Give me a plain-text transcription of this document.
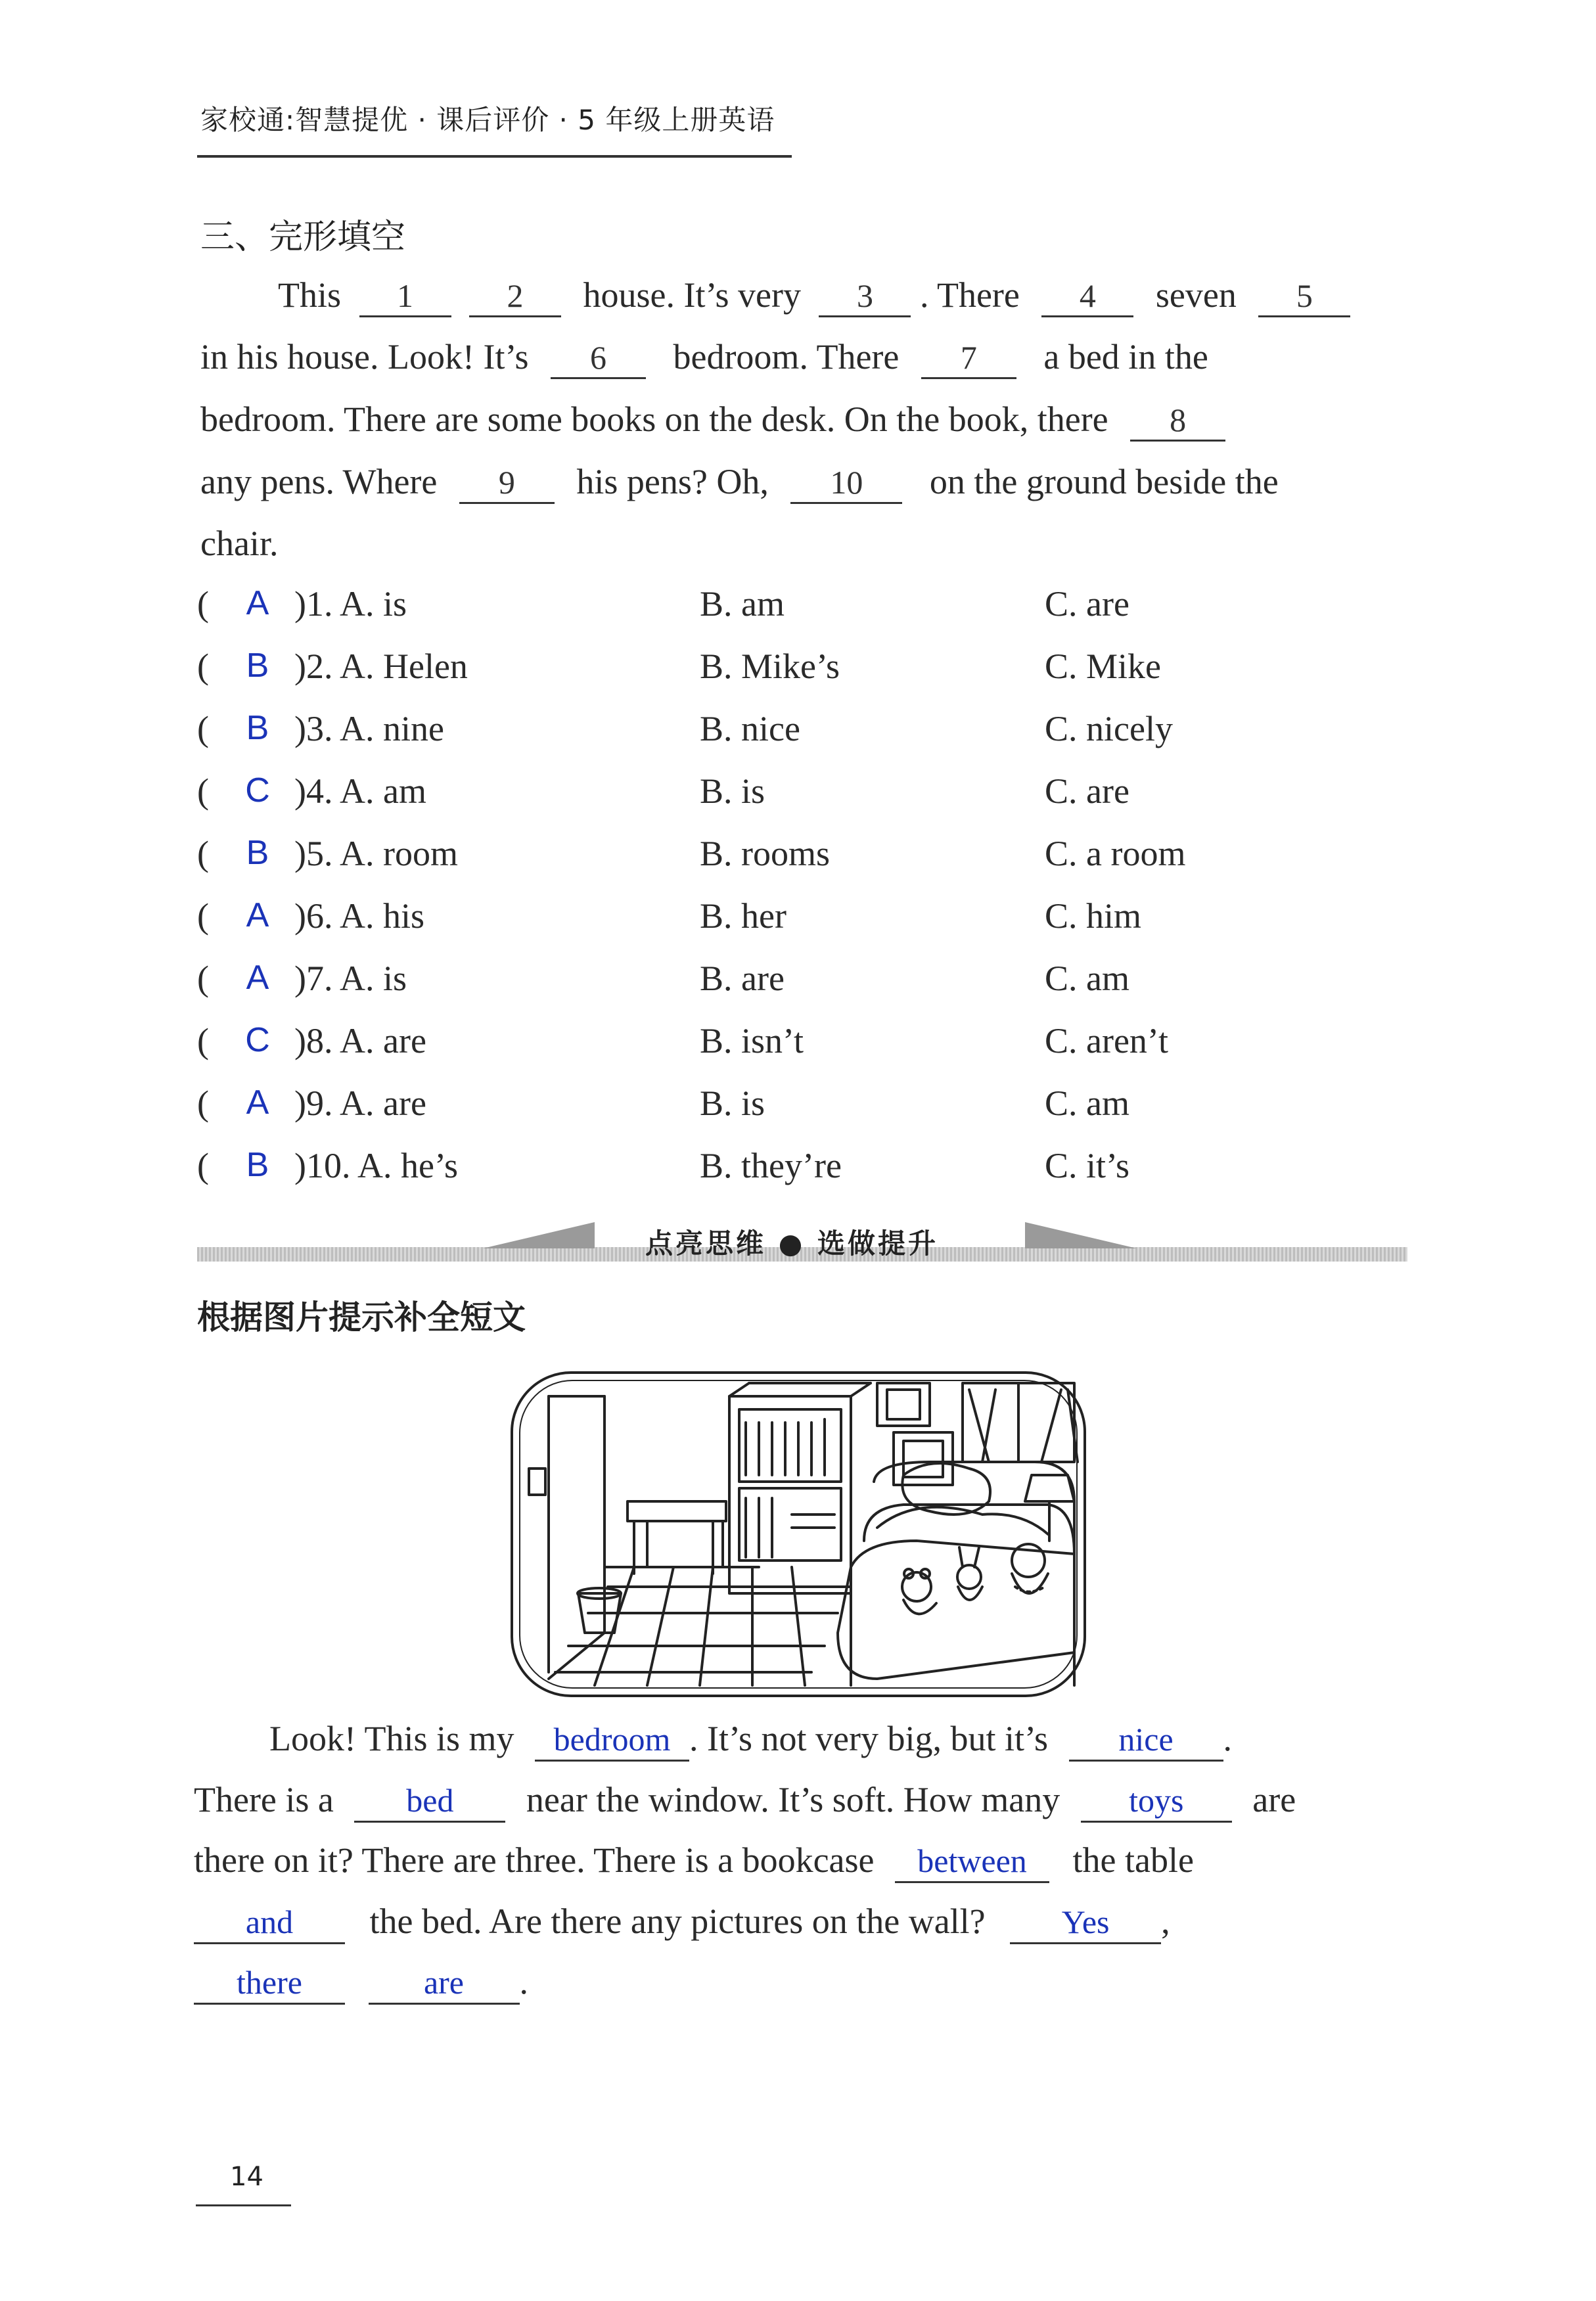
家校通:智慧提优 · 课后评价 · 5 年级上册英语
三、完形填空
This 1	2 house. It’s very 3 . There 4 seven 5
in his house. Look! It’s 6 bedroom. There 7 a bed in the
bedroom. There are some books on the desk. On the book, there 8
any pens. Where 9 his pens? Oh, 10 on the ground beside the
chair.
( A )1. A. is	B. am	C. are
( B )2. A. Helen	B. Mike’s	C. Mike
( B )3. A. nine	B. nice	C. nicely
( C )4. A. am	B. is	C. are
( B )5. A. room	B. rooms	C. a room
( A )6. A. his	B. her	C. him
( A )7. A. is	B. are	C. am
( C )8. A. are	B. isn’t	C. aren’t
( A )9. A. are	B. is	C. am
( B )10. A. he’s	B. they’re	C. it’s
点亮思维 ● 选做提升
根据图片提示补全短文
Look! This is my bedroom . It’s not very big, but it’s nice .
There is a bed near the window. It’s soft. How many toys are
there on it? There are three. There is a bookcase between the table
and the bed. Are there any pictures on the wall? Yes ,
there	are .
14
